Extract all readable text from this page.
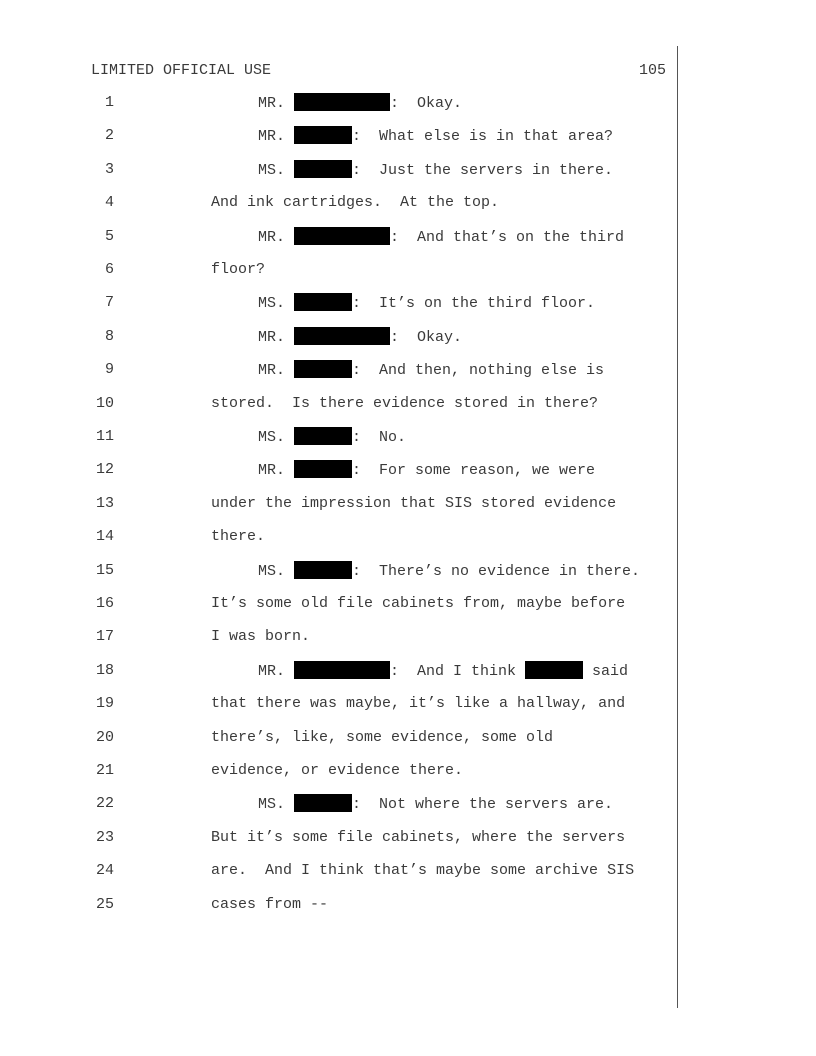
LIMITED OFFICIAL USE	105
1	MR.	:  Okay.
2	MR.	:  What else is in that area?
3	MS.	:  Just the servers in there.
4	And ink cartridges.  At the top.
5	MR.	:  And that’s on the third
6	floor?
7	MS.	:  It’s on the third floor.
8	MR.	:  Okay.
9	MR.	:  And then, nothing else is
10	stored.  Is there evidence stored in there?
11	MS.	:  No.
12	MR.	:  For some reason, we were
13	under the impression that SIS stored evidence
14	there.
15	MS.	:  There’s no evidence in there.
16	It’s some old file cabinets from, maybe before
17	I was born.
18	MR.	:  And I think	said
19	that there was maybe, it’s like a hallway, and
20	there’s, like, some evidence, some old
21	evidence, or evidence there.
22	MS.	:  Not where the servers are.
23	But it’s some file cabinets, where the servers
24	are.  And I think that’s maybe some archive SIS
25	cases from --
